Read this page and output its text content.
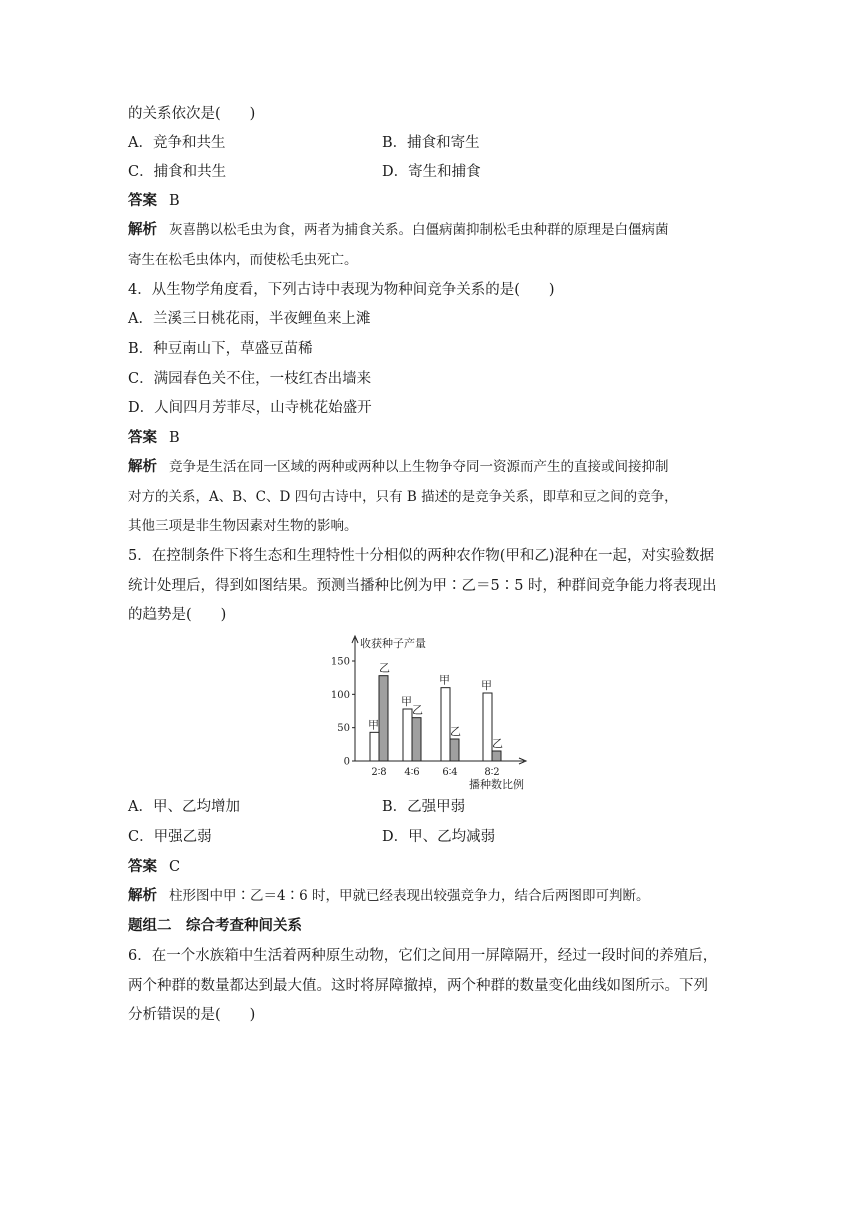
的关系依次是(　　)
A．竞争和共生	B．捕食和寄生
C．捕食和共生	D．寄生和捕食
答案 B
解析 灰喜鹊以松毛虫为食，两者为捕食关系。白僵病菌抑制松毛虫种群的原理是白僵病菌
寄生在松毛虫体内，而使松毛虫死亡。
4．从生物学角度看，下列古诗中表现为物种间竞争关系的是(　　)
A．兰溪三日桃花雨，半夜鲤鱼来上滩
B．种豆南山下，草盛豆苗稀
C．满园春色关不住，一枝红杏出墙来
D．人间四月芳菲尽，山寺桃花始盛开
答案 B
解析 竞争是生活在同一区域的两种或两种以上生物争夺同一资源而产生的直接或间接抑制
对方的关系，A、B、C、D 四句古诗中，只有 B 描述的是竞争关系，即草和豆之间的竞争，
其他三项是非生物因素对生物的影响。
5．在控制条件下将生态和生理特性十分相似的两种农作物(甲和乙)混种在一起，对实验数据
统计处理后，得到如图结果。预测当播种比例为甲∶乙＝5∶5 时，种群间竞争能力将表现出
的趋势是(　　)
收获种子产量
0
50
100
150
甲
乙
2∶8
甲
乙
4∶6
甲
乙
6∶4
甲
乙
8∶2
播种数比例
A．甲、乙均增加	B．乙强甲弱
C．甲强乙弱	D．甲、乙均减弱
答案 C
解析 柱形图中甲∶乙＝4∶6 时，甲就已经表现出较强竞争力，结合后两图即可判断。
题组二　综合考查种间关系
6．在一个水族箱中生活着两种原生动物，它们之间用一屏障隔开，经过一段时间的养殖后，
两个种群的数量都达到最大值。这时将屏障撤掉，两个种群的数量变化曲线如图所示。下列
分析错误的是(　　)
